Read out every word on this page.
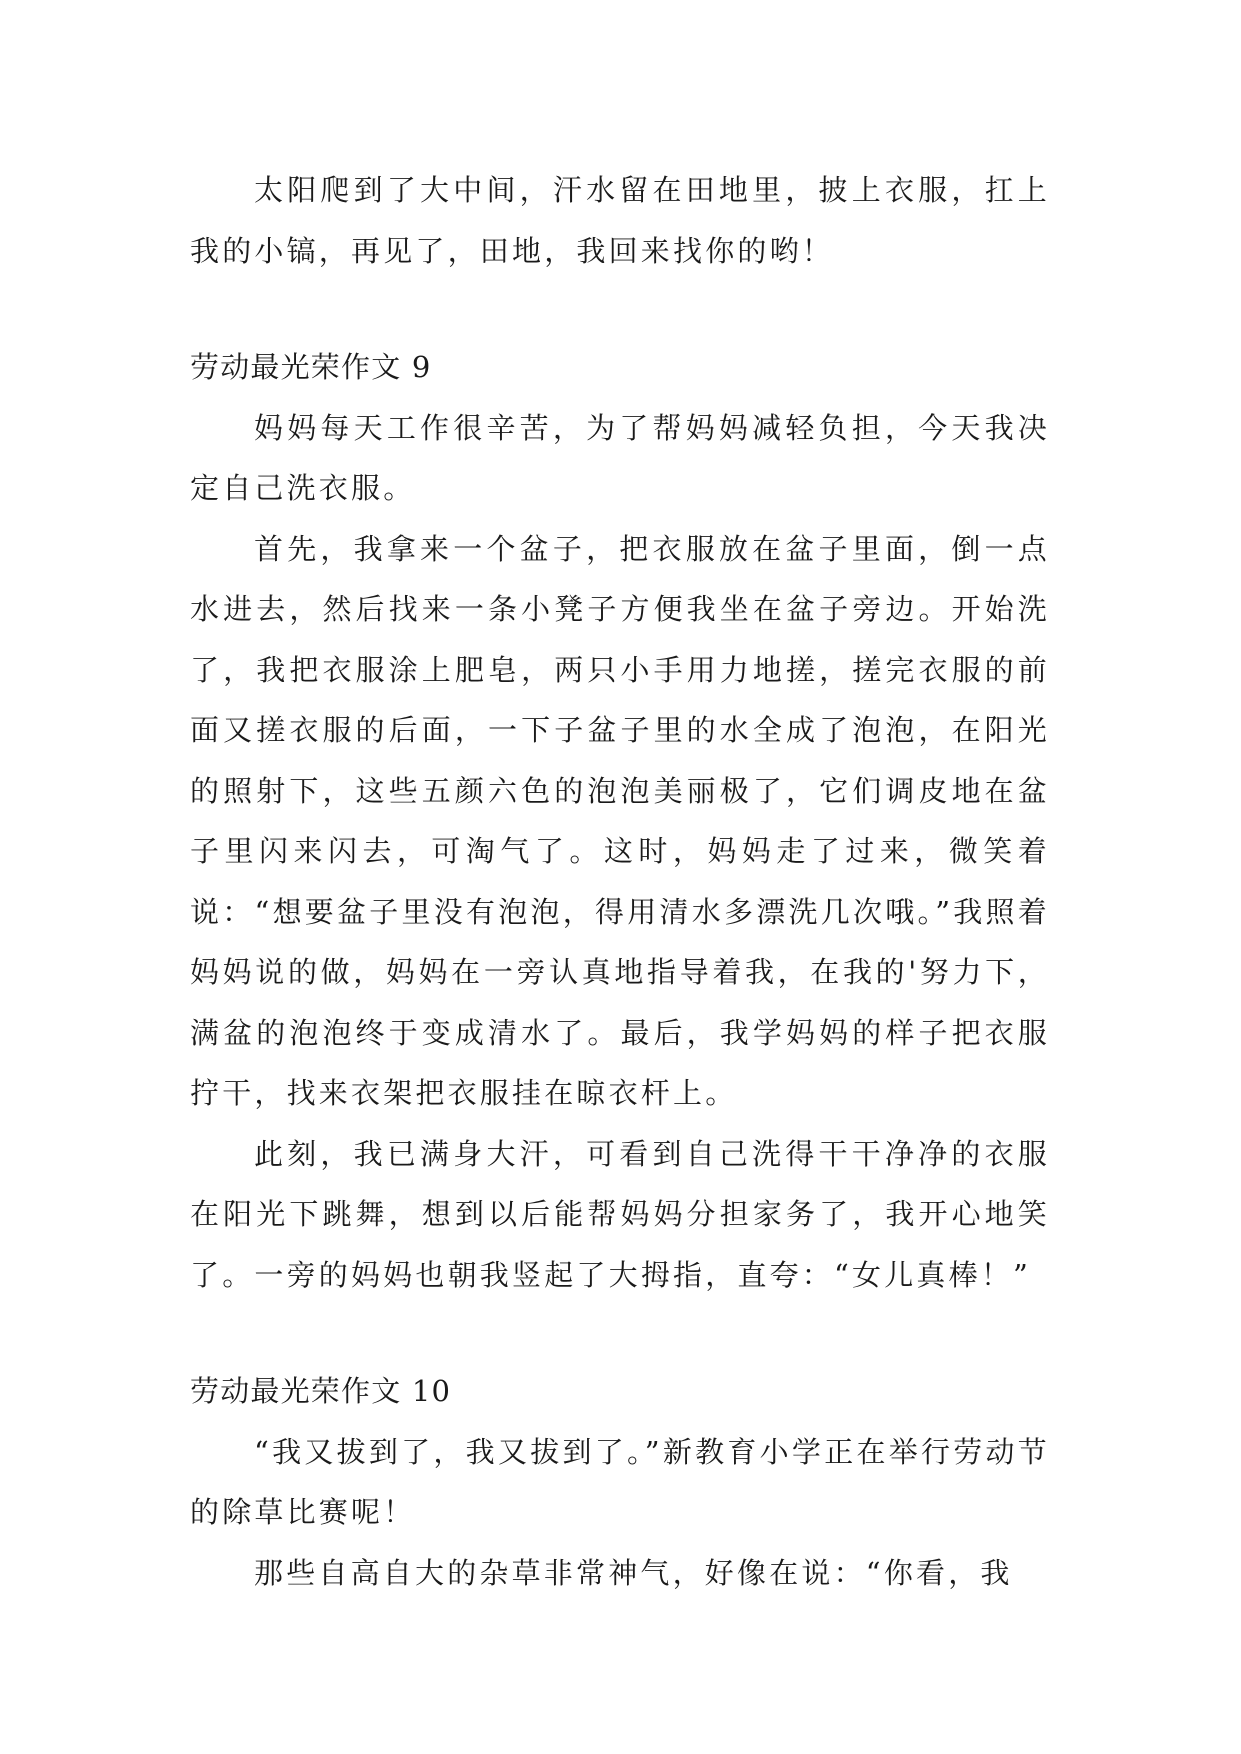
太阳爬到了大中间，汗水留在田地里，披上衣服，扛上我的小镐，再见了，田地，我回来找你的哟！

劳动最光荣作文 9

妈妈每天工作很辛苦，为了帮妈妈减轻负担，今天我决定自己洗衣服。

首先，我拿来一个盆子，把衣服放在盆子里面，倒一点水进去，然后找来一条小凳子方便我坐在盆子旁边。开始洗了，我把衣服涂上肥皂，两只小手用力地搓，搓完衣服的前面又搓衣服的后面，一下子盆子里的水全成了泡泡，在阳光的照射下，这些五颜六色的泡泡美丽极了，它们调皮地在盆子里闪来闪去，可淘气了。这时，妈妈走了过来，微笑着说：“想要盆子里没有泡泡，得用清水多漂洗几次哦。”我照着妈妈说的做，妈妈在一旁认真地指导着我，在我的'努力下，满盆的泡泡终于变成清水了。最后，我学妈妈的样子把衣服拧干，找来衣架把衣服挂在晾衣杆上。

此刻，我已满身大汗，可看到自己洗得干干净净的衣服在阳光下跳舞，想到以后能帮妈妈分担家务了，我开心地笑了。一旁的妈妈也朝我竖起了大拇指，直夸：“女儿真棒！”

劳动最光荣作文 10

“我又拔到了，我又拔到了。”新教育小学正在举行劳动节的除草比赛呢！

那些自高自大的杂草非常神气，好像在说：“你看，我
